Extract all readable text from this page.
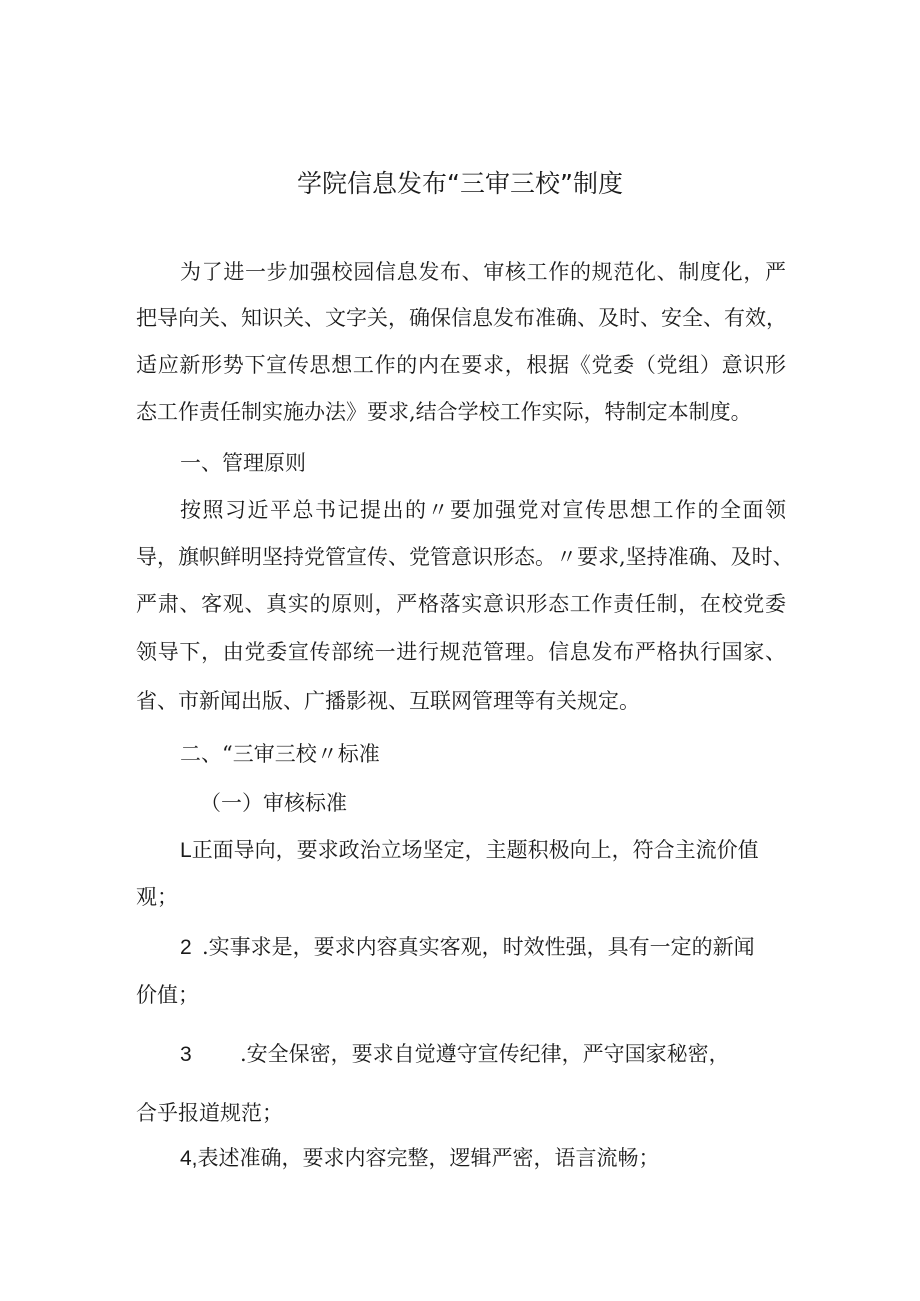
学院信息发布“三审三校”制度
为了进一步加强校园信息发布、审核工作的规范化、制度化，严
把导向关、知识关、文字关，确保信息发布准确、及时、安全、有效，
适应新形势下宣传思想工作的内在要求，根据《党委（党组）意识形
态工作责任制实施办法》要求,结合学校工作实际，特制定本制度。
一、管理原则
按照习近平总书记提出的〃要加强党对宣传思想工作的全面领
导，旗帜鲜明坚持党管宣传、党管意识形态。〃要求,坚持准确、及时、
严肃、客观、真实的原则，严格落实意识形态工作责任制，在校党委
领导下，由党委宣传部统一进行规范管理。信息发布严格执行国家、
省、市新闻出版、广播影视、互联网管理等有关规定。
二、“三审三校〃标准
（一）审核标准
L正面导向，要求政治立场坚定，主题积极向上，符合主流价值
观；
2 .实事求是，要求内容真实客观，时效性强，具有一定的新闻
价值；
3 .安全保密，要求自觉遵守宣传纪律，严守国家秘密，
合乎报道规范；
4,表述准确，要求内容完整，逻辑严密，语言流畅；
